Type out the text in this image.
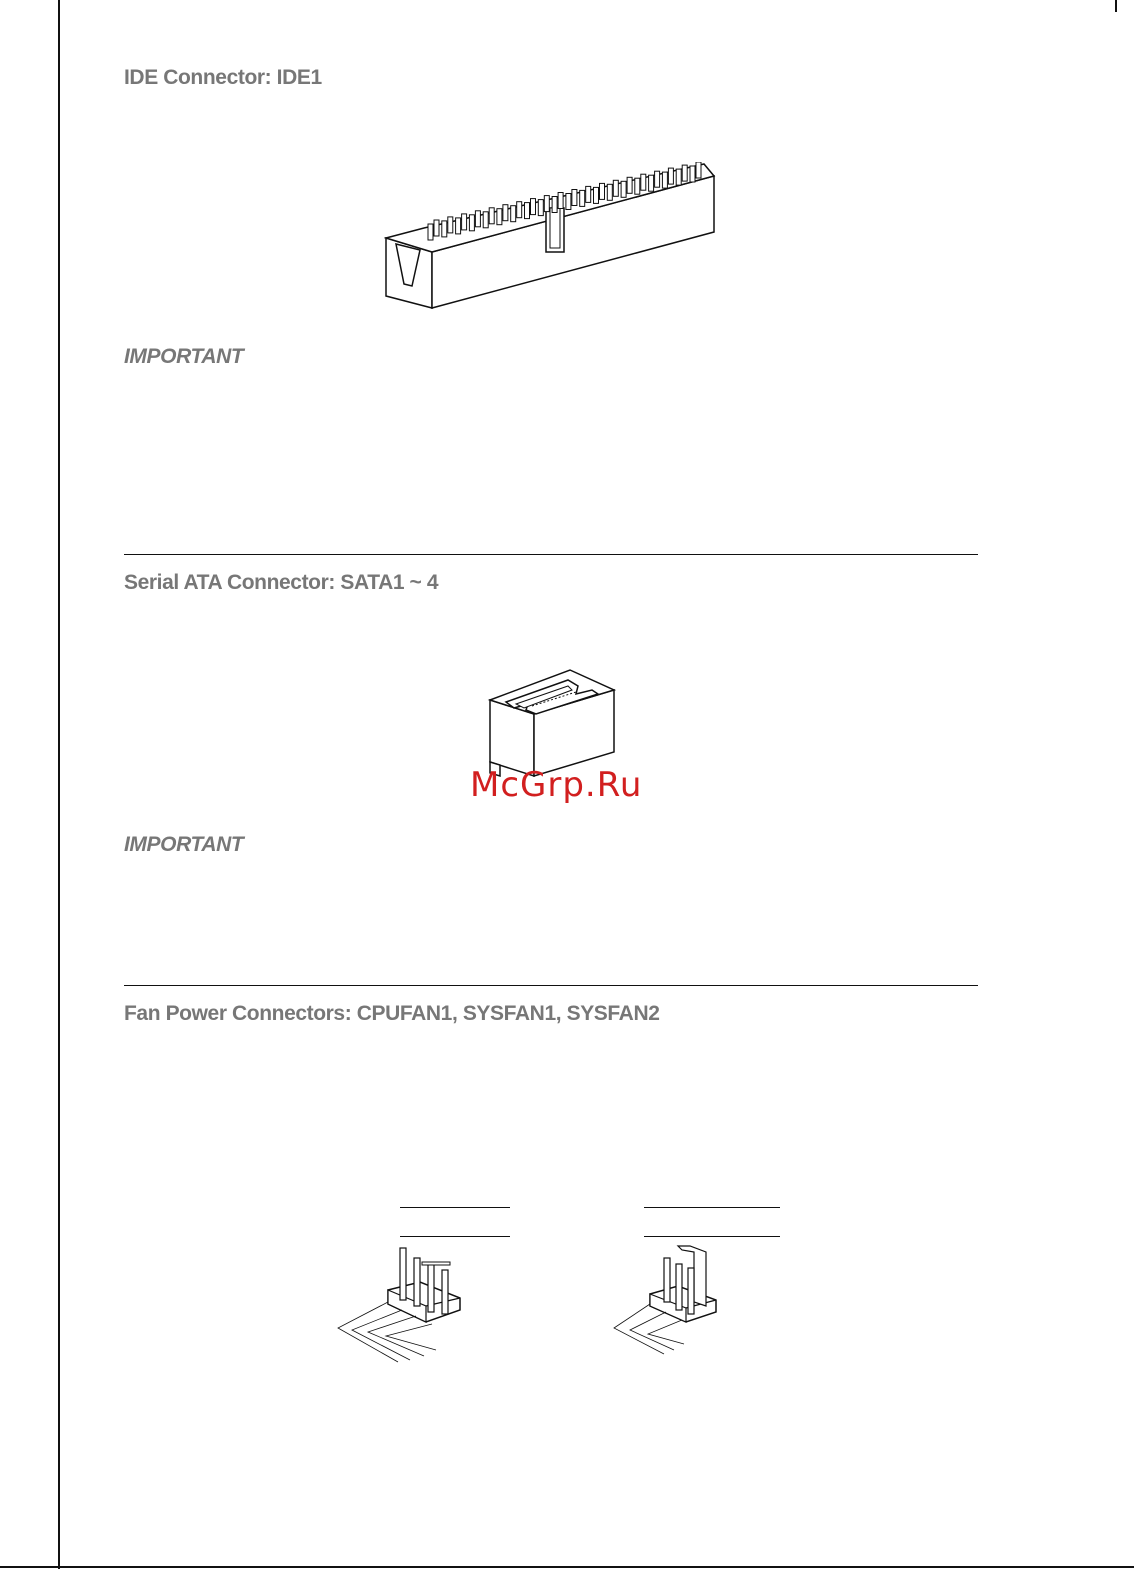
IDE Connector: IDE1
IMPORTANT
Serial ATA Connector: SATA1 ~ 4
McGrp.Ru
IMPORTANT
Fan Power Connectors: CPUFAN1, SYSFAN1, SYSFAN2
